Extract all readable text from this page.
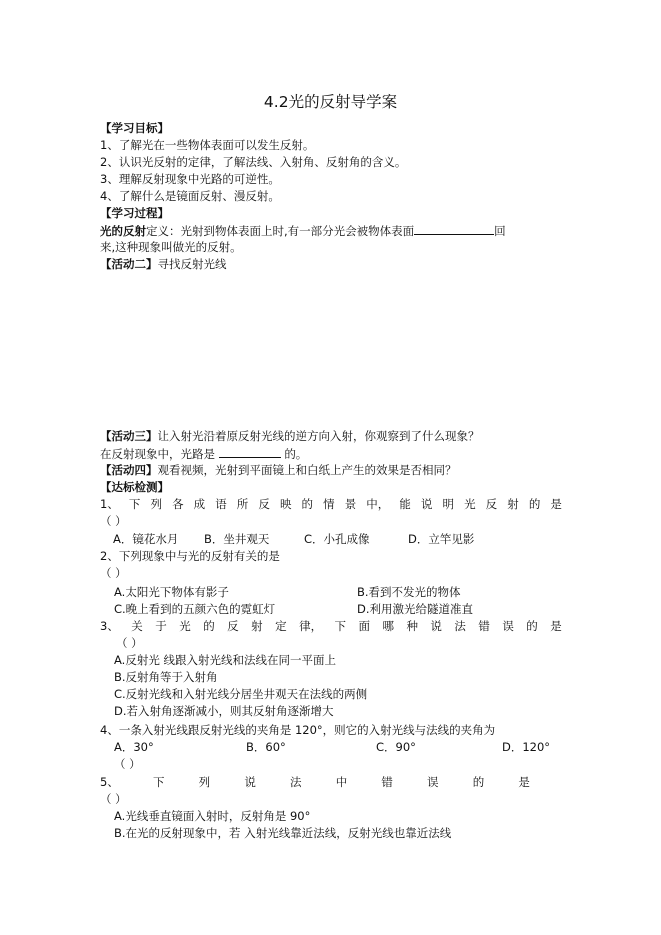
4.2光的反射导学案
【学习目标】
1、了解光在一些物体表面可以发生反射。
2、认识光反射的定律，了解法线、入射角、反射角的含义。
3、理解反射现象中光路的可逆性。
4、了解什么是镜面反射、漫反射。
【学习过程】
光的反射定义：光射到物体表面上时,有一部分光会被物体表面	回
来,这种现象叫做光的反射。
【活动二】寻找反射光线
【活动三】让入射光沿着原反射光线的逆方向入射，你观察到了什么现象？
在反射现象中，光路是	的。
【活动四】观看视频，光射到平面镜上和白纸上产生的效果是否相同？
【达标检测】
1、 下 列 各 成 语 所 反 映 的 情 景 中， 能 说 明 光 反 射 的 是
（ ）
A．镜花水月 B．坐井观天	C．小孔成像	D．立竿见影
2、下列现象中与光的反射有关的是
（ ）
A.太阳光下物体有影子	B.看到不发光的物体
C.晚上看到的五颜六色的霓虹灯	D.利用激光给隧道准直
3、 关 于 光 的 反 射 定 律， 下 面 哪 种 说 法 错 误 的 是
（ ）
A.反射光 线跟入射光线和法线在同一平面上
B.反射角等于入射角
C.反射光线和入射光线分居坐井观天在法线的两侧
D.若入射角逐渐减小，则其反射角逐渐增大
4、一条入射光线跟反射光线的夹角是 120°，则它的入射光线与法线的夹角为
A．30°	B．60°	C．90°	D．120°
（ ）
5、	下	列	说	法	中	错	误	的	是
（ ）
A.光线垂直镜面入射时，反射角是 90°
B.在光的反射现象中，若 入射光线靠近法线，反射光线也靠近法线
